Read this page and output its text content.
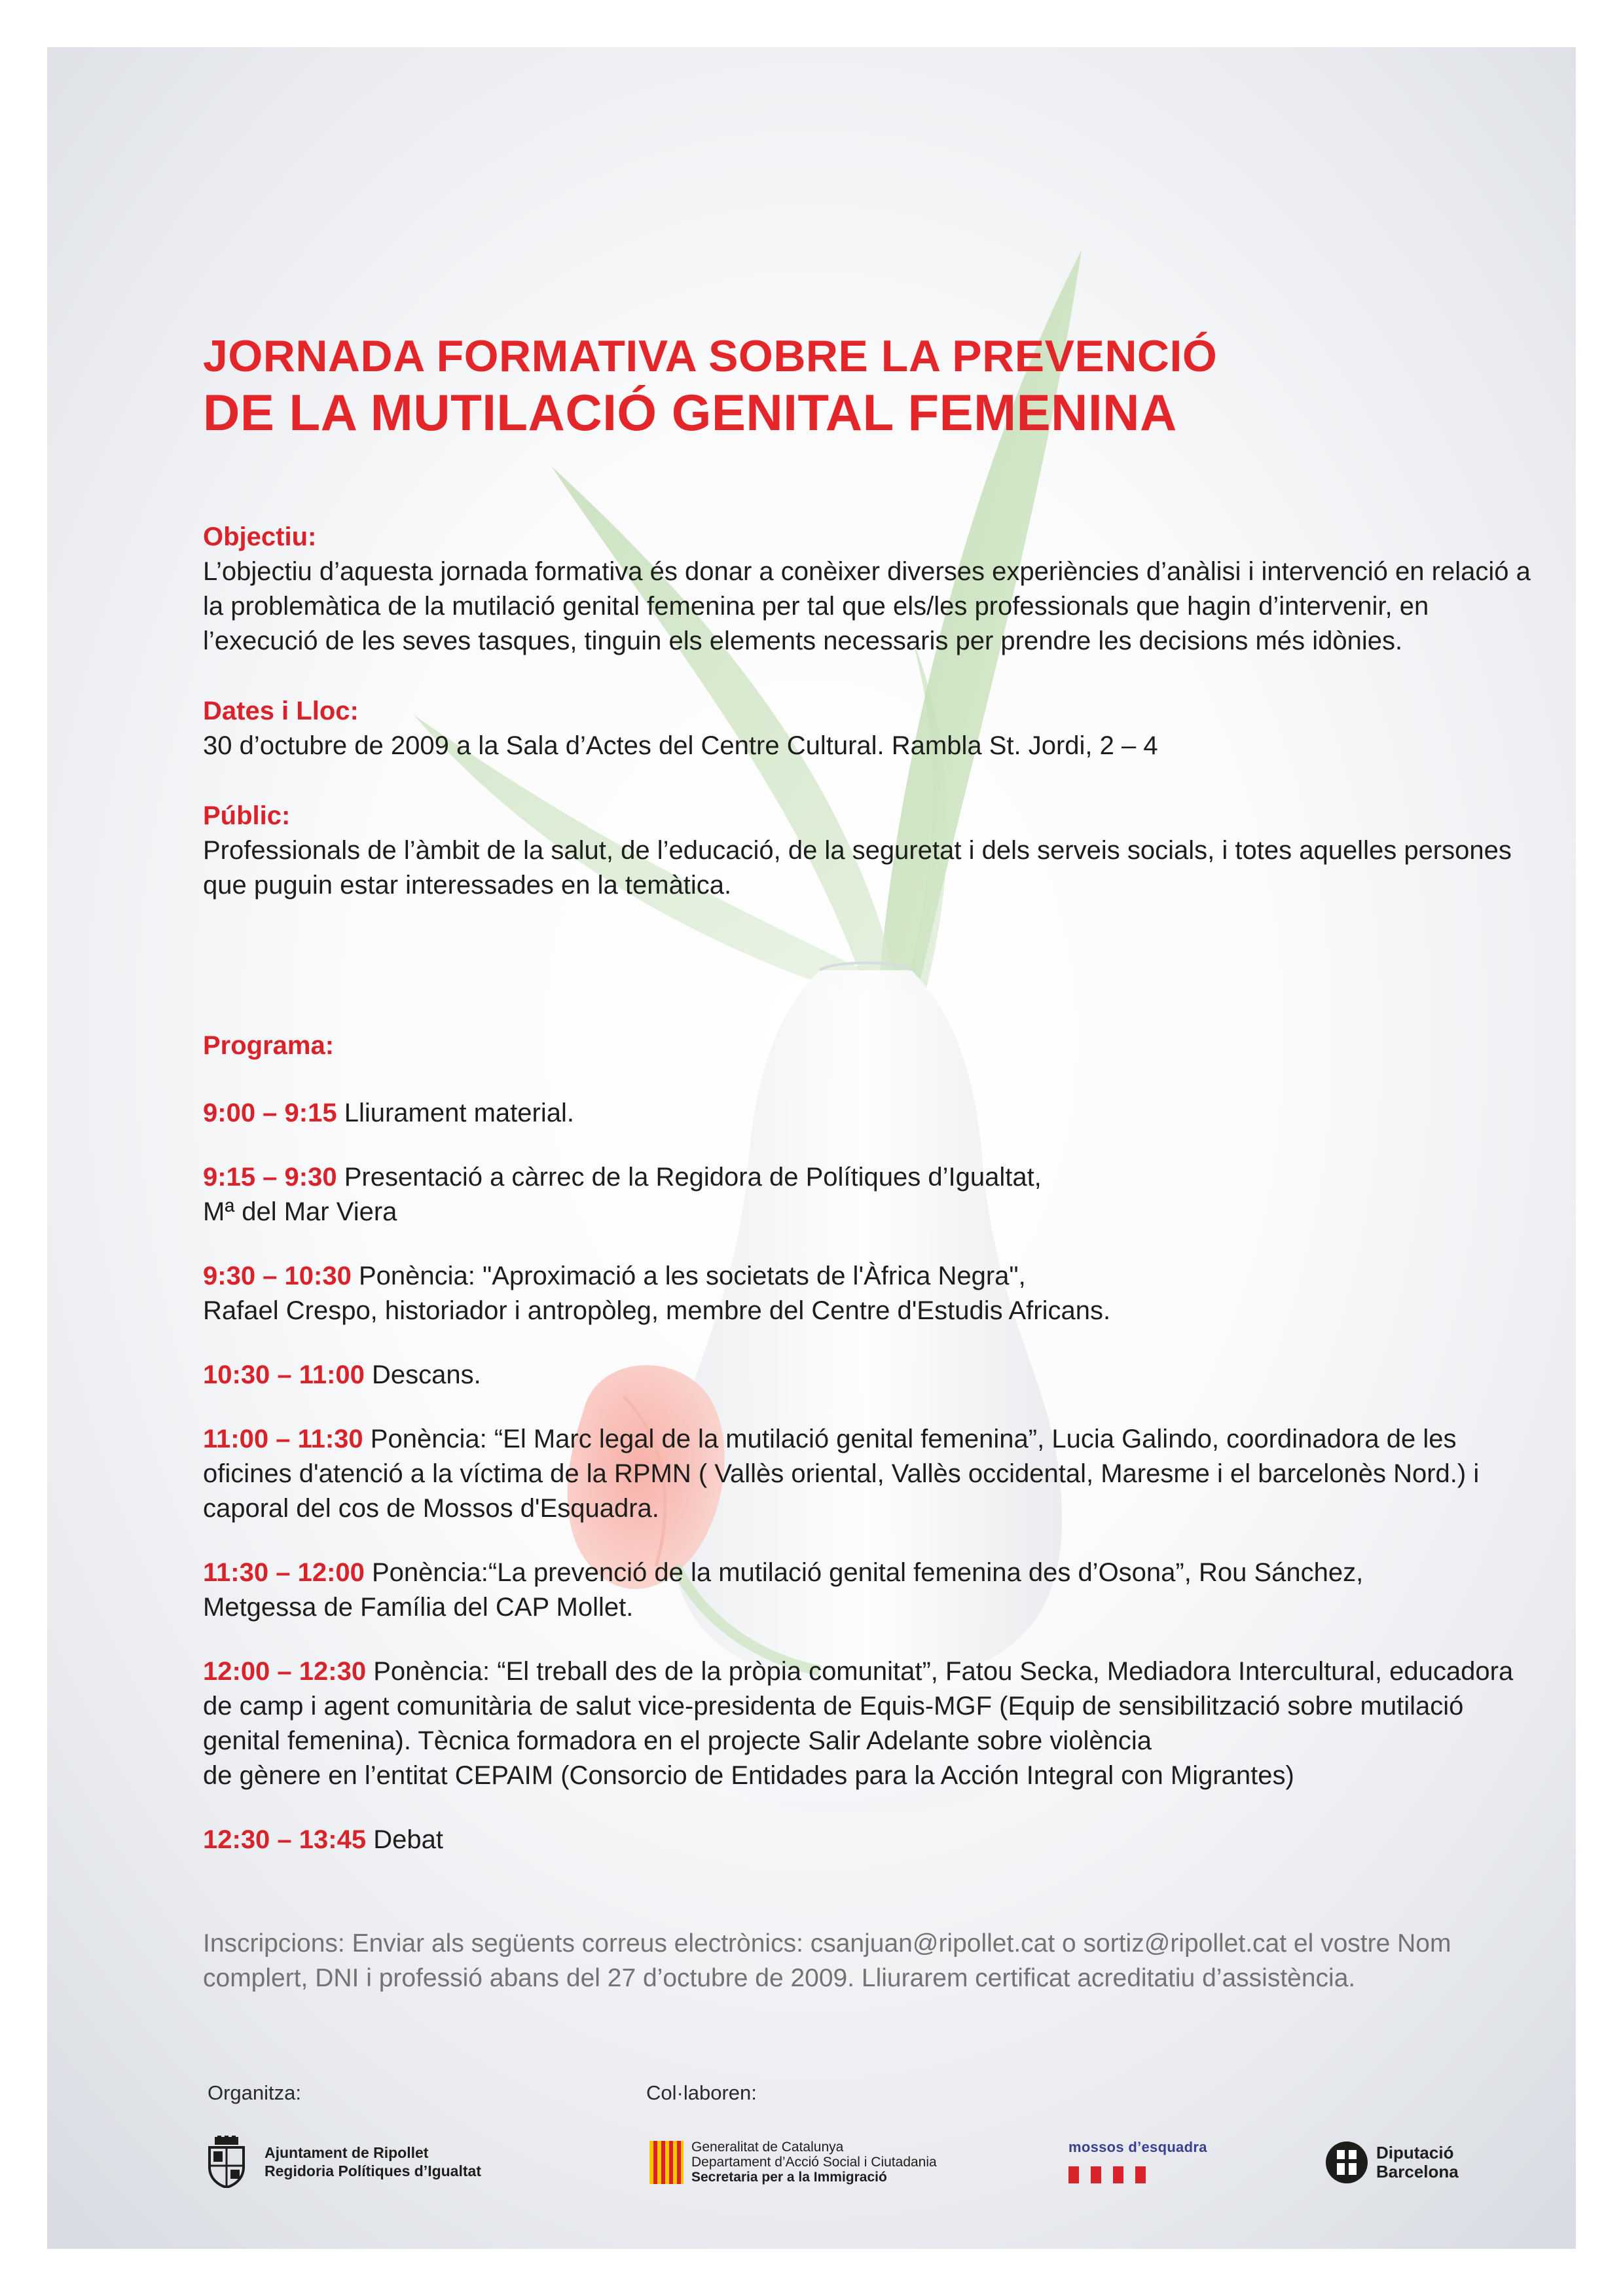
JORNADA FORMATIVA SOBRE LA PREVENCIÓ
DE LA MUTILACIÓ GENITAL FEMENINA
Objectiu:
L’objectiu d’aquesta jornada formativa és donar a conèixer diverses experiències d’anàlisi i intervenció en relació a la problemàtica de la mutilació genital femenina per tal que els/les professionals que hagin d’intervenir, en l’execució de les seves tasques, tinguin els elements necessaris per prendre les decisions més idònies.
Dates i Lloc:
30 d’octubre de 2009 a la Sala d’Actes del Centre Cultural. Rambla St. Jordi, 2 – 4
Públic:
Professionals de l’àmbit de la salut, de l’educació, de la seguretat i dels serveis socials, i totes aquelles persones que puguin estar interessades en la temàtica.
Programa:
9:00 – 9:15 Lliurament material.
9:15 – 9:30 Presentació a càrrec de la Regidora de Polítiques d’Igualtat,
Mª del Mar Viera
9:30 – 10:30 Ponència: "Aproximació a les societats de l'Àfrica Negra",
Rafael Crespo, historiador i antropòleg, membre del Centre d'Estudis Africans.
10:30 – 11:00 Descans.
11:00 – 11:30 Ponència: “El Marc legal de la mutilació genital femenina”, Lucia Galindo, coordinadora de les oficines d'atenció a la víctima de la RPMN ( Vallès oriental, Vallès occidental, Maresme i el barcelonès Nord.) i caporal del cos de Mossos d'Esquadra.
11:30 – 12:00 Ponència:“La prevenció de la mutilació genital femenina des d’Osona”, Rou Sánchez,
Metgessa de Família del CAP Mollet.
12:00 – 12:30 Ponència: “El treball des de la pròpia comunitat”, Fatou Secka, Mediadora Intercultural, educadora de camp i agent comunitària de salut vice-presidenta de Equis-MGF (Equip de sensibilització sobre mutilació genital femenina). Tècnica formadora en el projecte Salir Adelante sobre violència
de gènere en l’entitat CEPAIM (Consorcio de Entidades para la Acción Integral con Migrantes)
12:30 – 13:45 Debat
Inscripcions: Enviar als següents correus electrònics: csanjuan@ripollet.cat o sortiz@ripollet.cat el vostre Nom complert, DNI i professió abans del 27 d’octubre de 2009. Lliurarem certificat acreditatiu d’assistència.
Organitza:	Col·laboren:
Ajuntament de Ripollet
Regidoria Polítiques d’Igualtat
Generalitat de Catalunya
Departament d’Acció Social i Ciutadania
Secretaria per a la Immigració
mossos d’esquadra	Diputació
Barcelona
